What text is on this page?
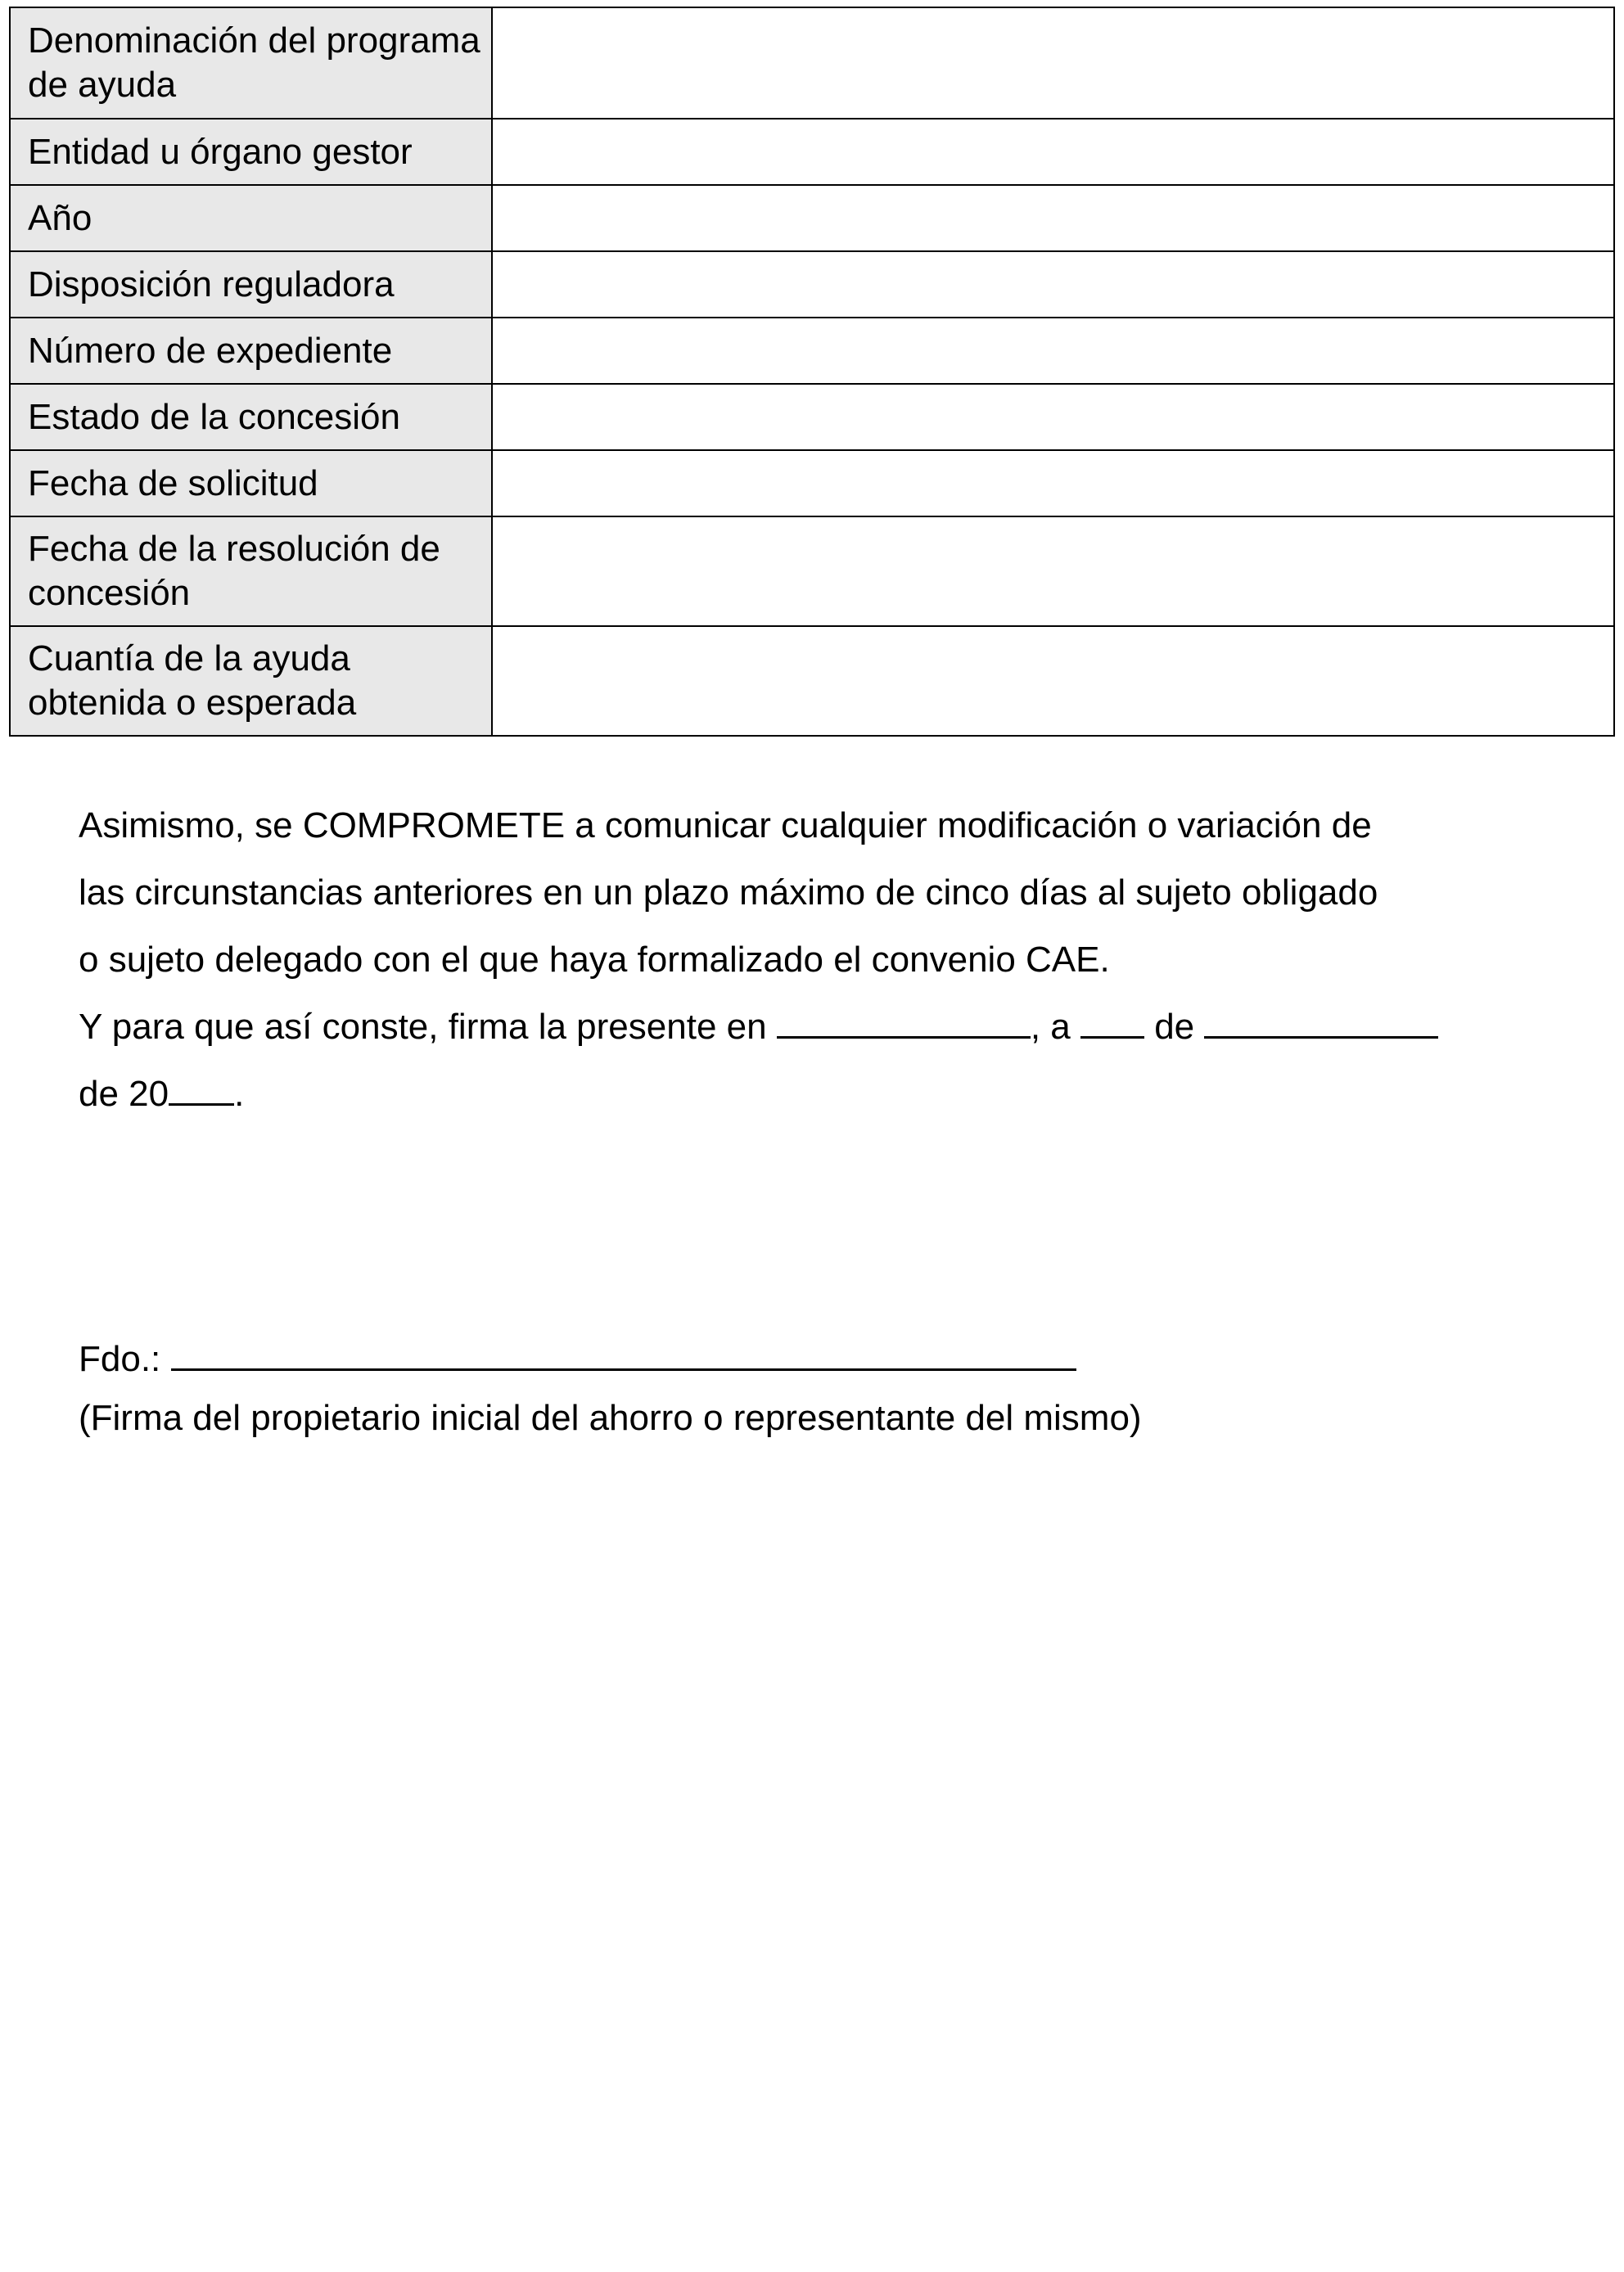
Denominación del programa de ayuda	
Entidad u órgano gestor	
Año	
Disposición reguladora	
Número de expediente	
Estado de la concesión	
Fecha de solicitud	
Fecha de la resolución de concesión	
Cuantía de la ayuda obtenida o esperada	

Asimismo, se COMPROMETE a comunicar cualquier modificación o variación de

las circunstancias anteriores en un plazo máximo de cinco días al sujeto obligado

o sujeto delegado con el que haya formalizado el convenio CAE.

Y para que así conste, firma la presente en	, a de

de 20 .

Fdo.:

(Firma del propietario inicial del ahorro o representante del mismo)
